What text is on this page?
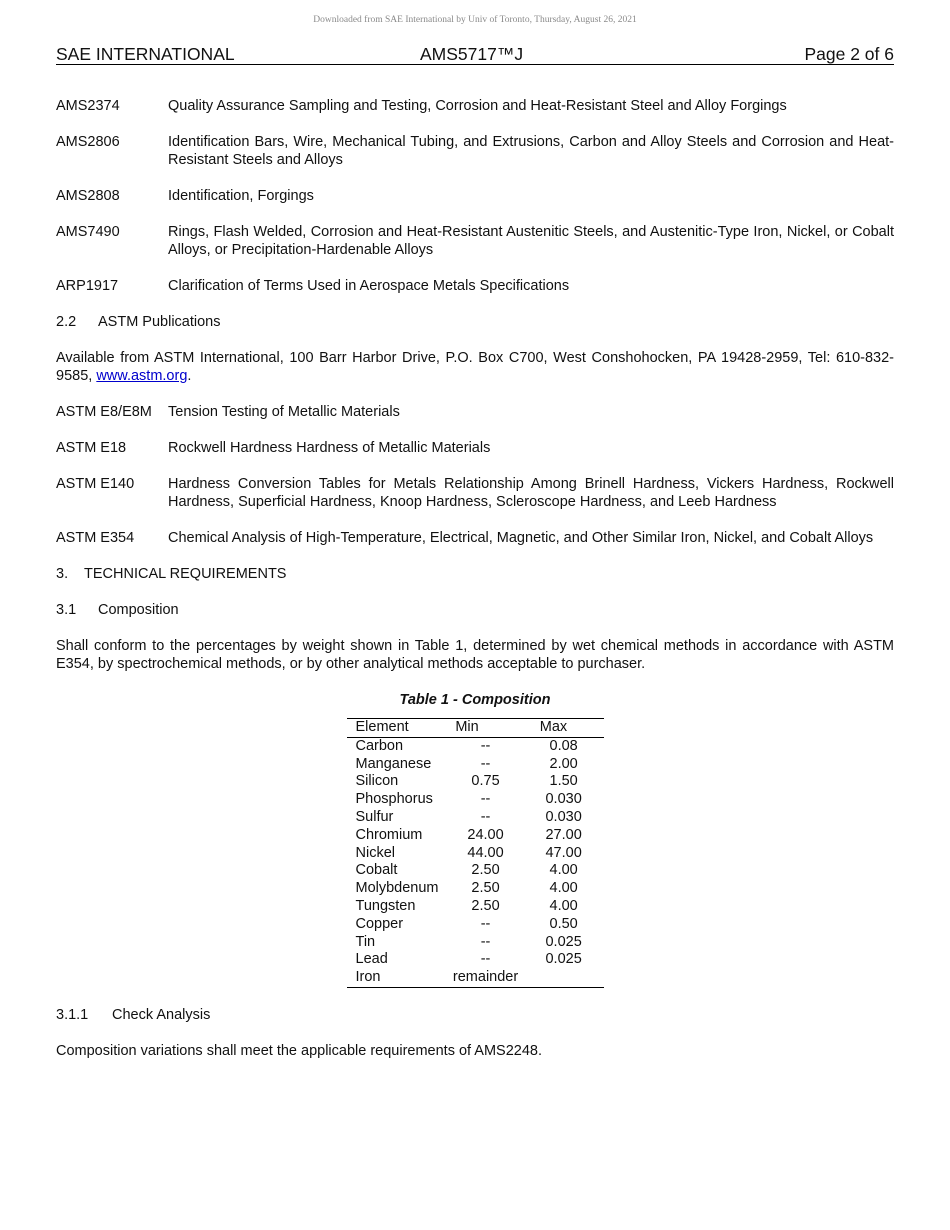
Downloaded from SAE International by Univ of Toronto, Thursday, August 26, 2021
SAE INTERNATIONAL	AMS5717™J	Page 2 of 6
AMS2374	Quality Assurance Sampling and Testing, Corrosion and Heat-Resistant Steel and Alloy Forgings
AMS2806	Identification Bars, Wire, Mechanical Tubing, and Extrusions, Carbon and Alloy Steels and Corrosion and Heat-Resistant Steels and Alloys
AMS2808	Identification, Forgings
AMS7490	Rings, Flash Welded, Corrosion and Heat-Resistant Austenitic Steels, and Austenitic-Type Iron, Nickel, or Cobalt Alloys, or Precipitation-Hardenable Alloys
ARP1917	Clarification of Terms Used in Aerospace Metals Specifications
2.2 ASTM Publications

Available from ASTM International, 100 Barr Harbor Drive, P.O. Box C700, West Conshohocken, PA 19428-2959, Tel: 610-832-9585, www.astm.org.

ASTM E8/E8M	Tension Testing of Metallic Materials
ASTM E18	Rockwell Hardness Hardness of Metallic Materials
ASTM E140	Hardness Conversion Tables for Metals Relationship Among Brinell Hardness, Vickers Hardness, Rockwell Hardness, Superficial Hardness, Knoop Hardness, Scleroscope Hardness, and Leeb Hardness
ASTM E354	Chemical Analysis of High-Temperature, Electrical, Magnetic, and Other Similar Iron, Nickel, and Cobalt Alloys
3. TECHNICAL REQUIREMENTS
3.1 Composition

Shall conform to the percentages by weight shown in Table 1, determined by wet chemical methods in accordance with ASTM E354, by spectrochemical methods, or by other analytical methods acceptable to purchaser.

Table 1 - Composition
Element	Min	Max
Carbon	--	0.08
Manganese	--	2.00
Silicon	0.75	1.50
Phosphorus	--	0.030
Sulfur	--	0.030
Chromium	24.00	27.00
Nickel	44.00	47.00
Cobalt	2.50	4.00
Molybdenum	2.50	4.00
Tungsten	2.50	4.00
Copper	--	0.50
Tin	--	0.025
Lead	--	0.025
Iron	remainder	
3.1.1 Check Analysis

Composition variations shall meet the applicable requirements of AMS2248.
